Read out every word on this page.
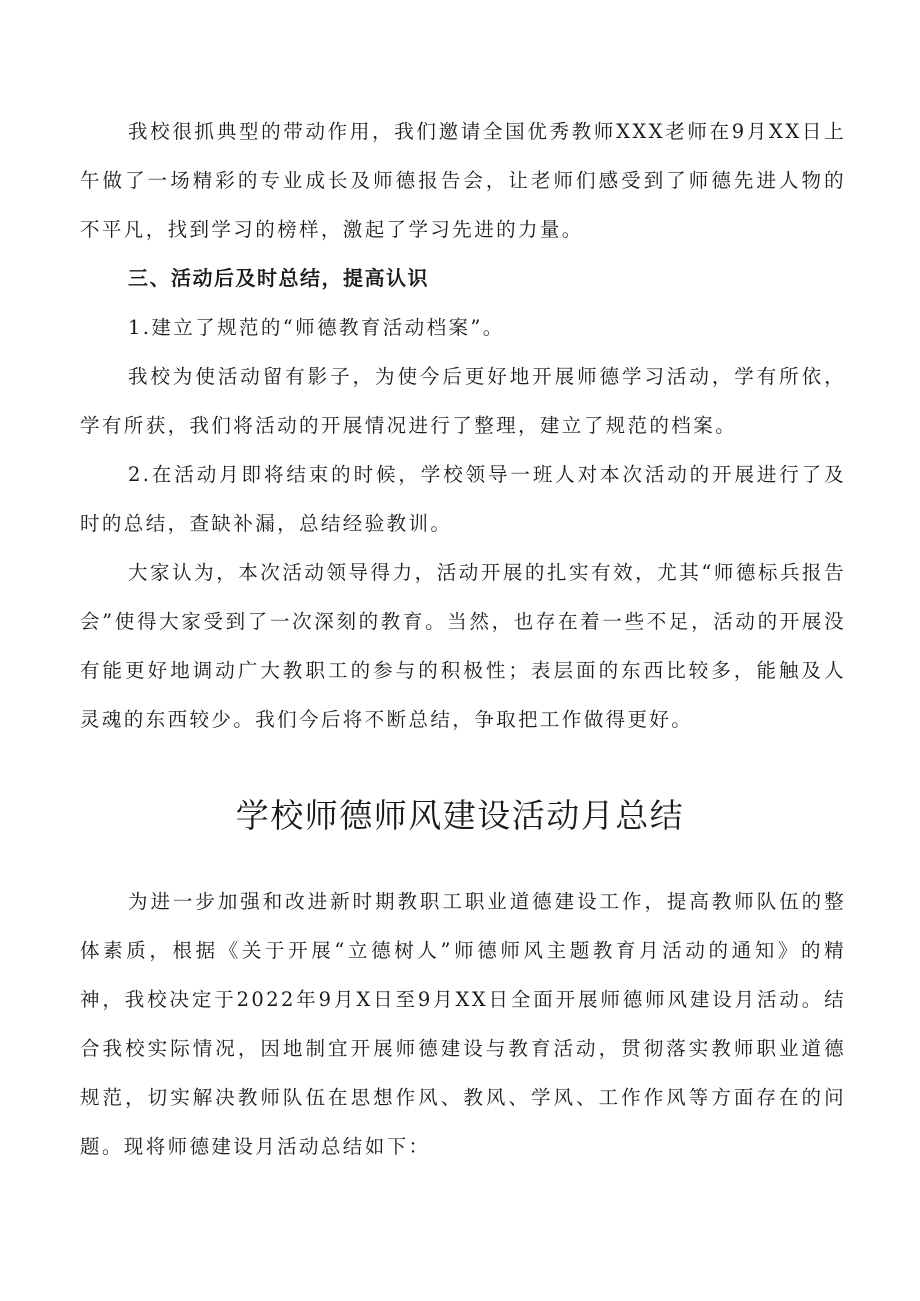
我校很抓典型的带动作用，我们邀请全国优秀教师XXX老师在9月XX日上午做了一场精彩的专业成长及师德报告会，让老师们感受到了师德先进人物的不平凡，找到学习的榜样，激起了学习先进的力量。

三、活动后及时总结，提高认识

1.建立了规范的“师德教育活动档案”。

我校为使活动留有影子，为使今后更好地开展师德学习活动，学有所依，学有所获，我们将活动的开展情况进行了整理，建立了规范的档案。

2.在活动月即将结束的时候，学校领导一班人对本次活动的开展进行了及时的总结，查缺补漏，总结经验教训。

大家认为，本次活动领导得力，活动开展的扎实有效，尤其“师德标兵报告会”使得大家受到了一次深刻的教育。当然，也存在着一些不足，活动的开展没有能更好地调动广大教职工的参与的积极性；表层面的东西比较多，能触及人灵魂的东西较少。我们今后将不断总结，争取把工作做得更好。

学校师德师风建设活动月总结

为进一步加强和改进新时期教职工职业道德建设工作，提高教师队伍的整体素质，根据《关于开展“立德树人”师德师风主题教育月活动的通知》的精神，我校决定于2022年9月X日至9月XX日全面开展师德师风建设月活动。结合我校实际情况，因地制宜开展师德建设与教育活动，贯彻落实教师职业道德规范，切实解决教师队伍在思想作风、教风、学风、工作作风等方面存在的问题。现将师德建设月活动总结如下：
